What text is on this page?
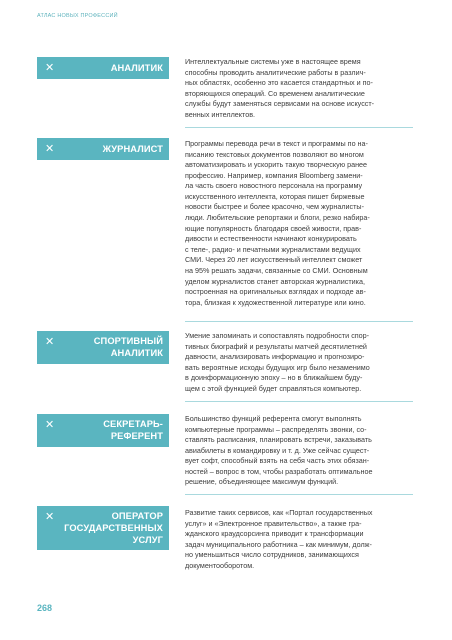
АТЛАС НОВЫХ ПРОФЕССИЙ
✕	АНАЛИТИК
Интеллектуальные системы уже в настоящее время
способны проводить аналитические работы в различ-
ных областях, особенно это касается стандартных и по-
вторяющихся операций. Со временем аналитические
службы будут заменяться сервисами на основе искусст-
венных интеллектов.
✕	ЖУРНАЛИСТ
Программы перевода речи в текст и программы по на-
писанию текстовых документов позволяют во многом
автоматизировать и ускорить такую творческую ранее
профессию. Например, компания Bloomberg замени-
ла часть своего новостного персонала на программу
искусственного интеллекта, которая пишет биржевые
новости быстрее и более красочно, чем журналисты-
люди. Любительские репортажи и блоги, резко набира-
ющие популярность благодаря своей живости, прав-
дивости и естественности начинают конкурировать
с теле-, радио- и печатными журналистами ведущих
СМИ. Через 20 лет искусственный интеллект сможет
на 95% решать задачи, связанные со СМИ. Основным
уделом журналистов станет авторская журналистика,
построенная на оригинальных взглядах и подходе ав-
тора, близкая к художественной литературе или кино.
✕	СПОРТИВНЫЙ
АНАЛИТИК
Умение запоминать и сопоставлять подробности спор-
тивных биографий и результаты матчей десятилетней
давности, анализировать информацию и прогнозиро-
вать вероятные исходы будущих игр было незаменимо
в доинформационную эпоху – но в ближайшем буду-
щем с этой функцией будет справляться компьютер.
✕	СЕКРЕТАРЬ-
РЕФЕРЕНТ
Большинство функций референта смогут выполнять
компьютерные программы – распределять звонки, со-
ставлять расписания, планировать встречи, заказывать
авиабилеты в командировку и т. д. Уже сейчас сущест-
вует софт, способный взять на себя часть этих обязан-
ностей – вопрос в том, чтобы разработать оптимальное
решение, объединяющее максимум функций.
✕	ОПЕРАТОР
ГОСУДАРСТВЕННЫХ
УСЛУГ
Развитие таких сервисов, как «Портал государственных
услуг» и «Электронное правительство», а также гра-
жданского краудсорсинга приводит к трансформации
задач муниципального работника – как минимум, долж-
но уменьшиться число сотрудников, занимающихся
документооборотом.
268
